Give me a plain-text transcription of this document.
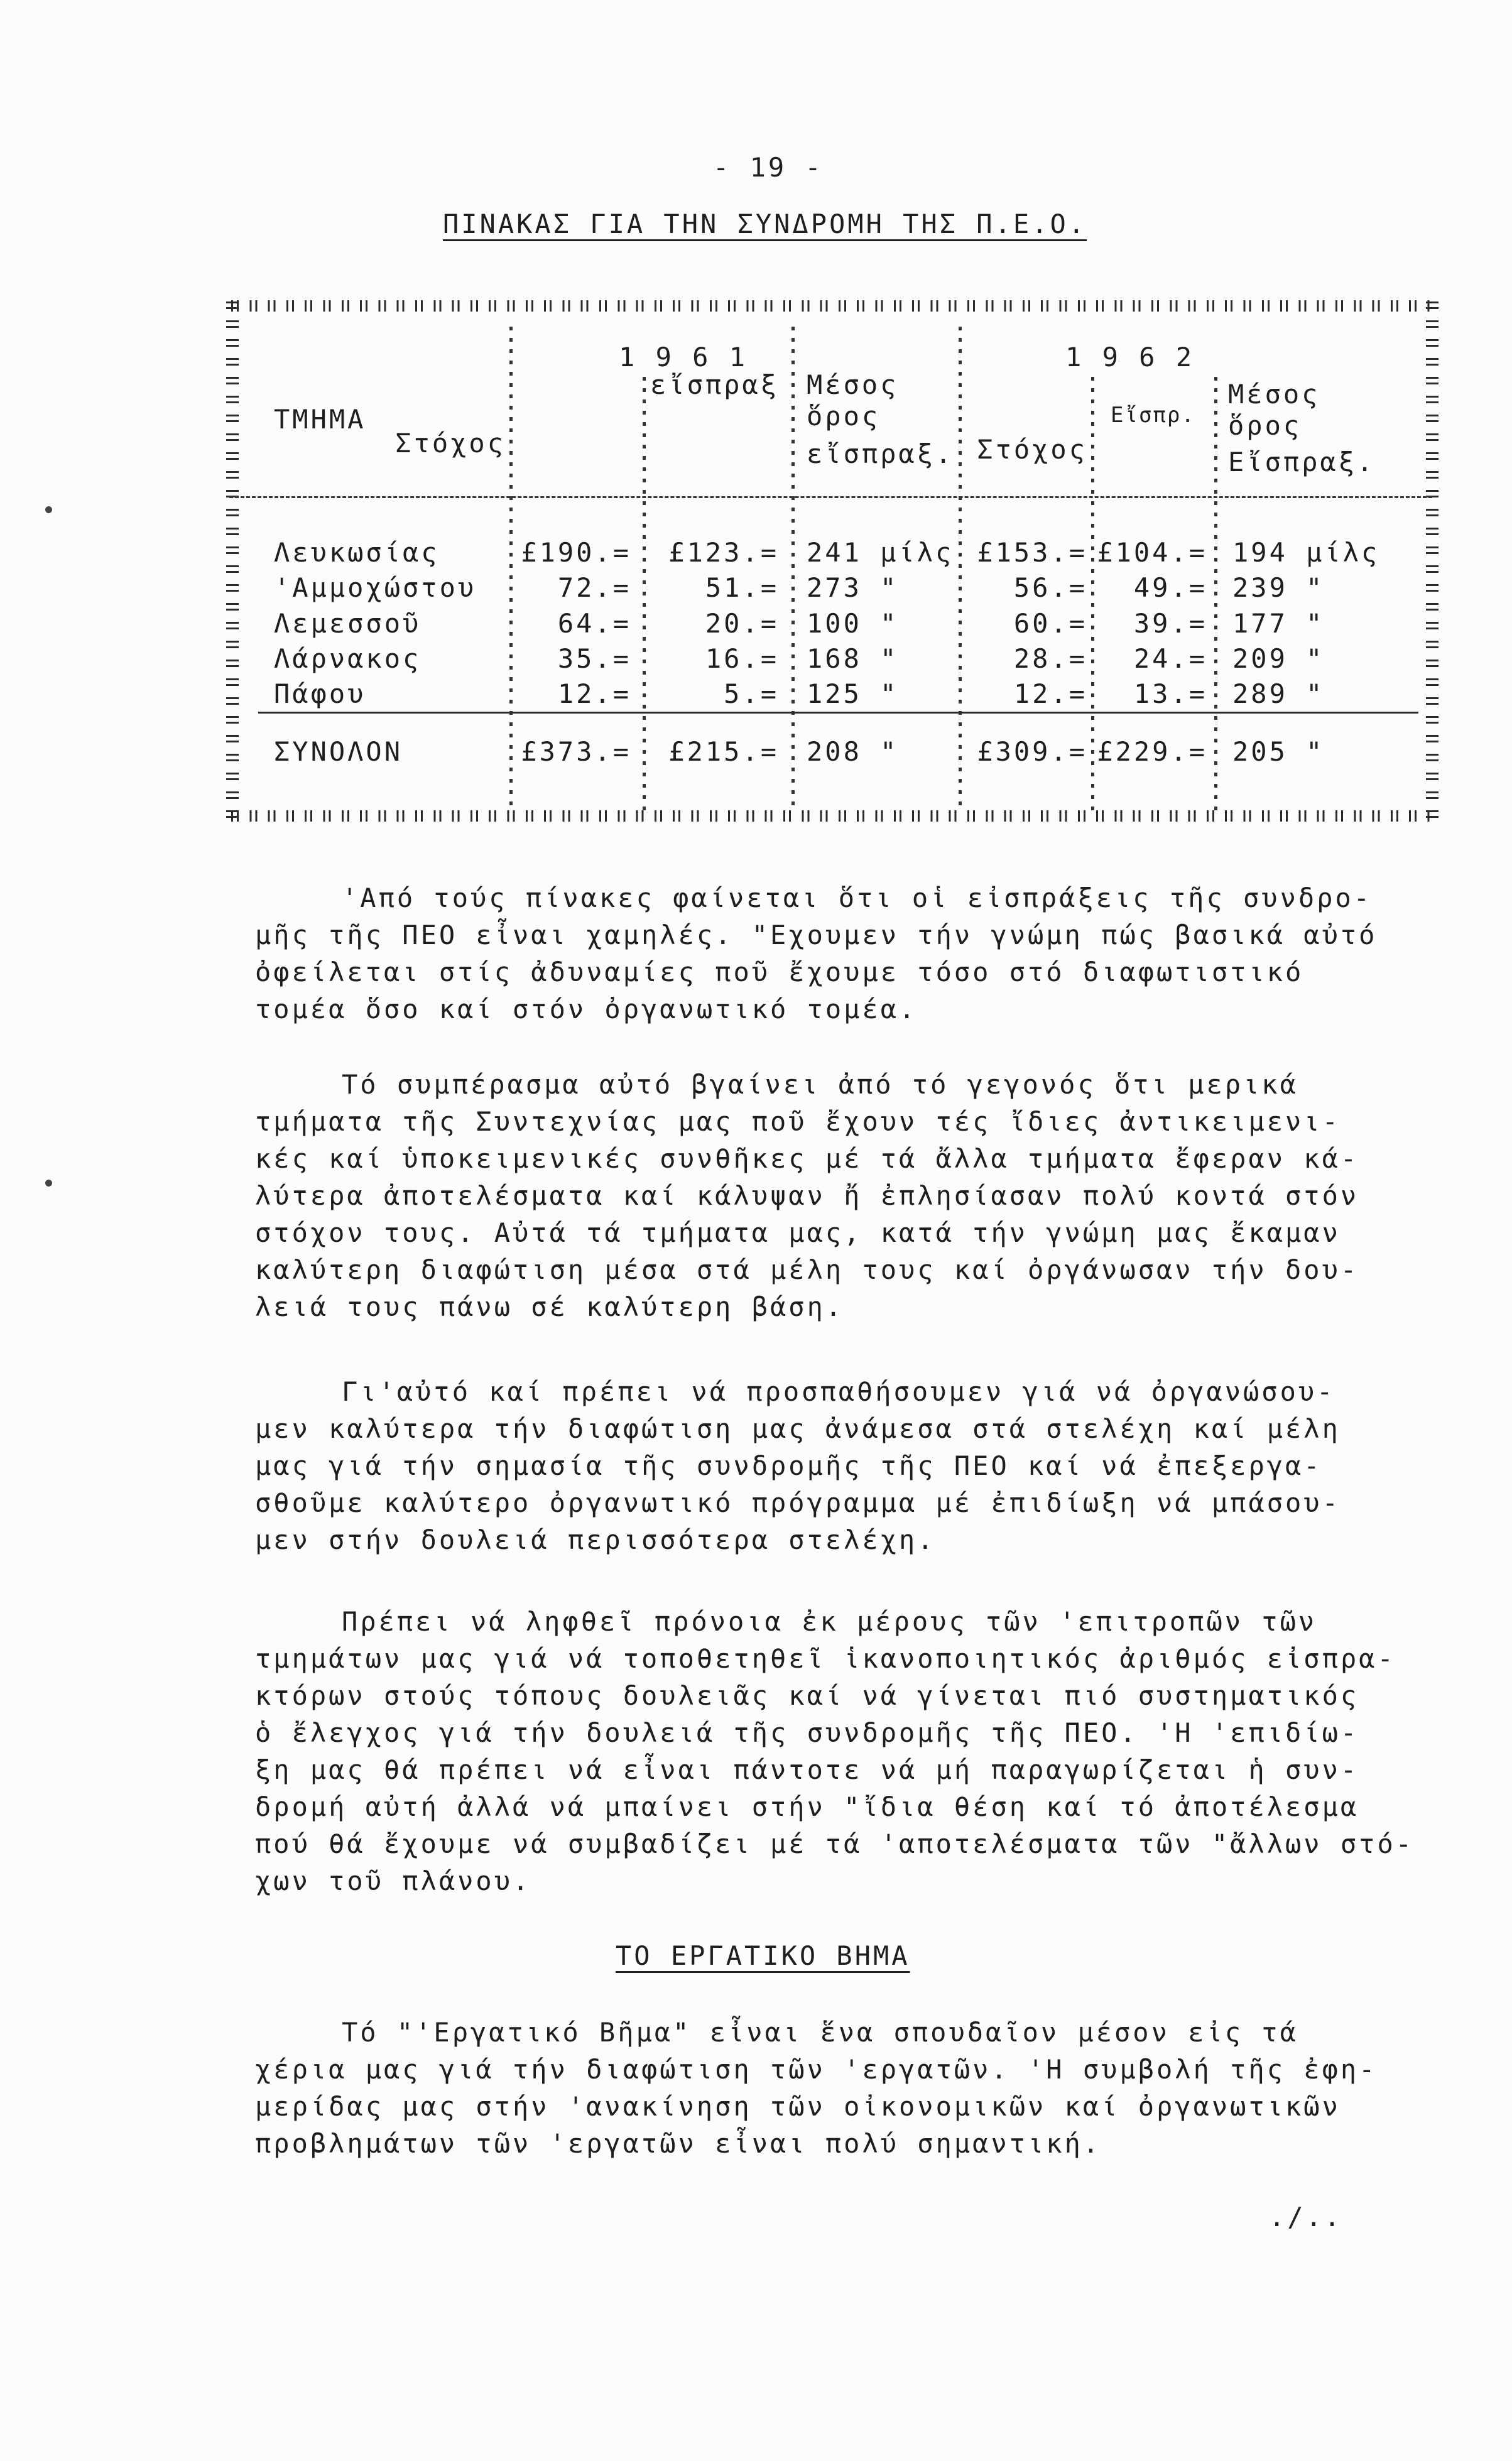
- 19 -
ΠΙΝΑΚΑΣ ΓΙΑ ΤΗΝ ΣΥΝΔΡΟΜΗ ΤΗΣ Π.Ε.Ο.
1 9 6 1	1 9 6 2
ΤΜΗΜΑ
Στόχος
εἴσπραξ Μέσος
ὅρος
εἴσπραξ. Στόχος
Εἴσπρ.
Μέσος
ὅρος
Εἴσπραξ.
Λευκωσίας	£190.= £123.= 241 μίλς £153.= £104.= 194 μίλς
'Αμμοχώστου	72.=	51.= 273 "	56.= 49.= 239 "
Λεμεσσοῦ	64.=	20.= 100 "	60.= 39.= 177 "
Λάρνακος	35.=	16.= 168 "	28.= 24.= 209 "
Πάφου	12.=	5.= 125 "	12.= 13.= 289 "
ΣΥΝΟΛΟΝ	£373.= £215.= 208 "	£309.= £229.= 205 "
'Από τούς πίνακες φαίνεται ὅτι οἱ εἰσπράξεις τῆς συνδρο-
μῆς τῆς ΠΕΟ εἶναι χαμηλές. "Εχουμεν τήν γνώμη πώς βασικά αὐτό
ὀφείλεται στίς ἀδυναμίες ποῦ ἔχουμε τόσο στό διαφωτιστικό
τομέα ὅσο καί στόν ὀργανωτικό τομέα.
Τό συμπέρασμα αὐτό βγαίνει ἀπό τό γεγονός ὅτι μερικά
τμήματα τῆς Συντεχνίας μας ποῦ ἔχουν τές ἴδιες ἀντικειμενι-
κές καί ὑποκειμενικές συνθῆκες μέ τά ἄλλα τμήματα ἔφεραν κά-
λύτερα ἀποτελέσματα καί κάλυψαν ἤ ἐπλησίασαν πολύ κοντά στόν
στόχον τους. Αὐτά τά τμήματα μας, κατά τήν γνώμη μας ἔκαμαν
καλύτερη διαφώτιση μέσα στά μέλη τους καί ὀργάνωσαν τήν δου-
λειά τους πάνω σέ καλύτερη βάση.
Γι'αὐτό καί πρέπει νά προσπαθήσουμεν γιά νά ὀργανώσου-
μεν καλύτερα τήν διαφώτιση μας ἀνάμεσα στά στελέχη καί μέλη
μας γιά τήν σημασία τῆς συνδρομῆς τῆς ΠΕΟ καί νά ἐπεξεργα-
σθοῦμε καλύτερο ὀργανωτικό πρόγραμμα μέ ἐπιδίωξη νά μπάσου-
μεν στήν δουλειά περισσότερα στελέχη.
Πρέπει νά ληφθεῖ πρόνοια ἐκ μέρους τῶν 'επιτροπῶν τῶν
τμημάτων μας γιά νά τοποθετηθεῖ ἱκανοποιητικός ἀριθμός εἰσπρα-
κτόρων στούς τόπους δουλειᾶς καί νά γίνεται πιό συστηματικός
ὁ ἔλεγχος γιά τήν δουλειά τῆς συνδρομῆς τῆς ΠΕΟ. 'Η 'επιδίω-
ξη μας θά πρέπει νά εἶναι πάντοτε νά μή παραγωρίζεται ἡ συν-
δρομή αὐτή ἀλλά νά μπαίνει στήν "ἴδια θέση καί τό ἀποτέλεσμα
πού θά ἔχουμε νά συμβαδίζει μέ τά 'αποτελέσματα τῶν "ἄλλων στό-
χων τοῦ πλάνου.
ΤΟ ΕΡΓΑΤΙΚΟ ΒΗΜΑ
Τό "'Εργατικό Βῆμα" εἶναι ἕνα σπουδαῖον μέσον εἰς τά
χέρια μας γιά τήν διαφώτιση τῶν 'εργατῶν. 'Η συμβολή τῆς ἐφη-
μερίδας μας στήν 'ανακίνηση τῶν οἰκονομικῶν καί ὀργανωτικῶν
προβλημάτων τῶν 'εργατῶν εἶναι πολύ σημαντική.
./..
